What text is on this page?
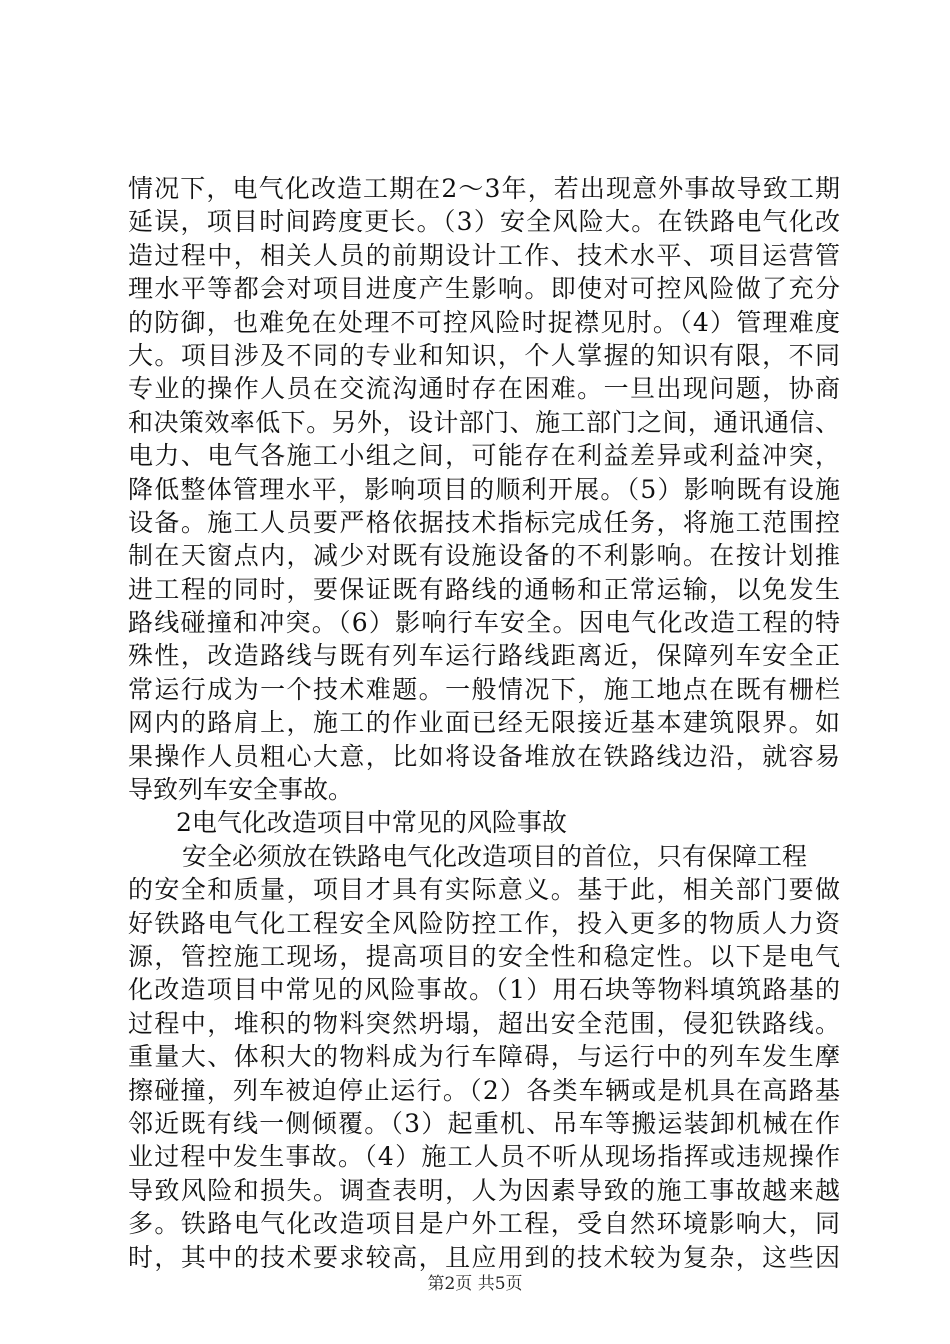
情况下，电气化改造工期在2～3年，若出现意外事故导致工期
延误，项目时间跨度更长。（3）安全风险大。在铁路电气化改
造过程中，相关人员的前期设计工作、技术水平、项目运营管
理水平等都会对项目进度产生影响。即使对可控风险做了充分
的防御，也难免在处理不可控风险时捉襟见肘。（4）管理难度
大。项目涉及不同的专业和知识，个人掌握的知识有限，不同
专业的操作人员在交流沟通时存在困难。一旦出现问题，协商
和决策效率低下。另外，设计部门、施工部门之间，通讯通信、
电力、电气各施工小组之间，可能存在利益差异或利益冲突，
降低整体管理水平，影响项目的顺利开展。（5）影响既有设施
设备。施工人员要严格依据技术指标完成任务，将施工范围控
制在天窗点内，减少对既有设施设备的不利影响。在按计划推
进工程的同时，要保证既有路线的通畅和正常运输，以免发生
路线碰撞和冲突。（6）影响行车安全。因电气化改造工程的特
殊性，改造路线与既有列车运行路线距离近，保障列车安全正
常运行成为一个技术难题。一般情况下，施工地点在既有栅栏
网内的路肩上，施工的作业面已经无限接近基本建筑限界。如
果操作人员粗心大意，比如将设备堆放在铁路线边沿，就容易
导致列车安全事故。
2电气化改造项目中常见的风险事故
安全必须放在铁路电气化改造项目的首位，只有保障工程
的安全和质量，项目才具有实际意义。基于此，相关部门要做
好铁路电气化工程安全风险防控工作，投入更多的物质人力资
源，管控施工现场，提高项目的安全性和稳定性。以下是电气
化改造项目中常见的风险事故。（1）用石块等物料填筑路基的
过程中，堆积的物料突然坍塌，超出安全范围，侵犯铁路线。
重量大、体积大的物料成为行车障碍，与运行中的列车发生摩
擦碰撞，列车被迫停止运行。（2）各类车辆或是机具在高路基
邻近既有线一侧倾覆。（3）起重机、吊车等搬运装卸机械在作
业过程中发生事故。（4）施工人员不听从现场指挥或违规操作
导致风险和损失。调查表明，人为因素导致的施工事故越来越
多。铁路电气化改造项目是户外工程，受自然环境影响大，同
时，其中的技术要求较高，且应用到的技术较为复杂，这些因
第2页 共5页
